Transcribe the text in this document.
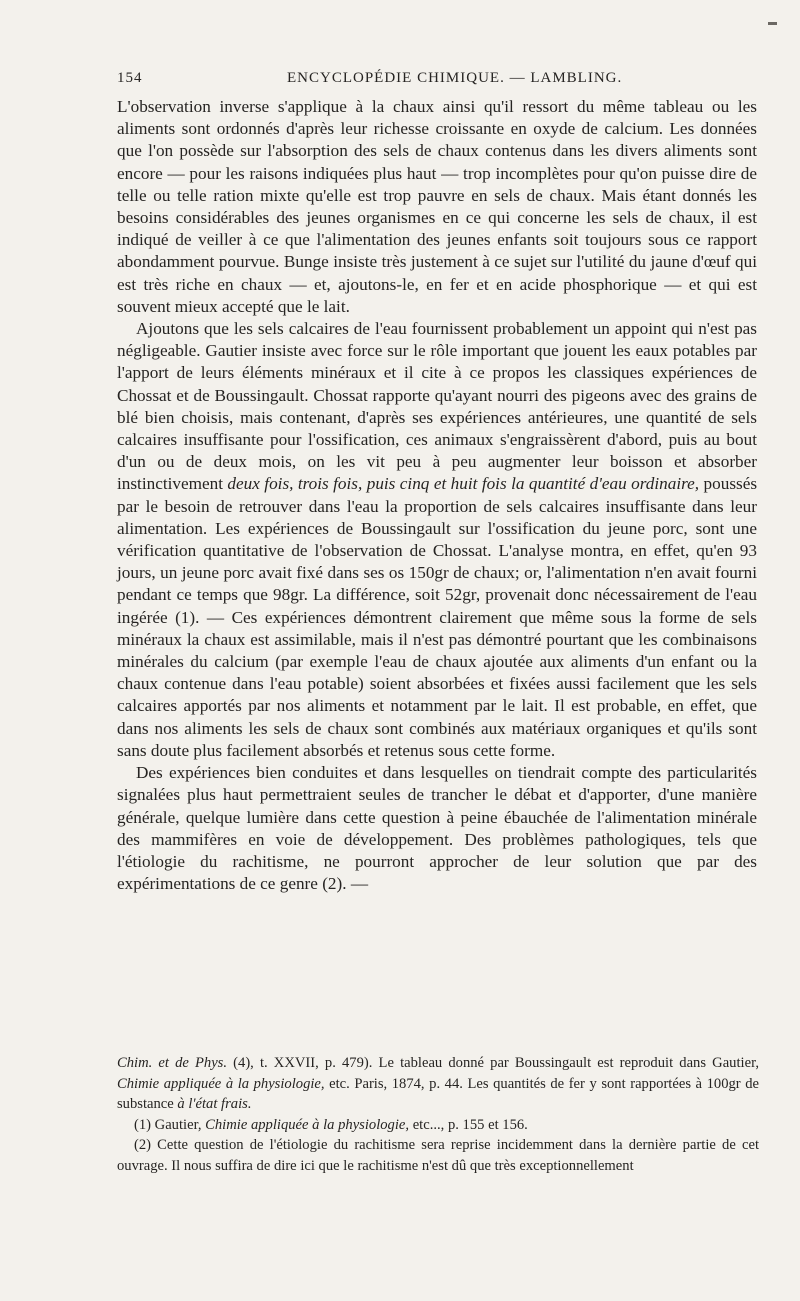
154	ENCYCLOPÉDIE CHIMIQUE. — LAMBLING.

L'observation inverse s'applique à la chaux ainsi qu'il ressort du même tableau ou les aliments sont ordonnés d'après leur richesse croissante en oxyde de calcium. Les données que l'on possède sur l'absorption des sels de chaux contenus dans les divers aliments sont encore — pour les raisons indiquées plus haut — trop incomplètes pour qu'on puisse dire de telle ou telle ration mixte qu'elle est trop pauvre en sels de chaux. Mais étant donnés les besoins considérables des jeunes organismes en ce qui concerne les sels de chaux, il est indiqué de veiller à ce que l'alimentation des jeunes enfants soit toujours sous ce rapport abondamment pourvue. Bunge insiste très justement à ce sujet sur l'utilité du jaune d'œuf qui est très riche en chaux — et, ajoutons-le, en fer et en acide phosphorique — et qui est souvent mieux accepté que le lait.

Ajoutons que les sels calcaires de l'eau fournissent probablement un appoint qui n'est pas négligeable. Gautier insiste avec force sur le rôle important que jouent les eaux potables par l'apport de leurs éléments minéraux et il cite à ce propos les classiques expériences de Chossat et de Boussingault. Chossat rapporte qu'ayant nourri des pigeons avec des grains de blé bien choisis, mais contenant, d'après ses expériences antérieures, une quantité de sels calcaires insuffisante pour l'ossification, ces animaux s'engraissèrent d'abord, puis au bout d'un ou de deux mois, on les vit peu à peu augmenter leur boisson et absorber instinctivement deux fois, trois fois, puis cinq et huit fois la quantité d'eau ordinaire, poussés par le besoin de retrouver dans l'eau la proportion de sels calcaires insuffisante dans leur alimentation. Les expériences de Boussingault sur l'ossification du jeune porc, sont une vérification quantitative de l'observation de Chossat. L'analyse montra, en effet, qu'en 93 jours, un jeune porc avait fixé dans ses os 150gr de chaux; or, l'alimentation n'en avait fourni pendant ce temps que 98gr. La différence, soit 52gr, provenait donc nécessairement de l'eau ingérée (1). — Ces expériences démontrent clairement que même sous la forme de sels minéraux la chaux est assimilable, mais il n'est pas démontré pourtant que les combinaisons minérales du calcium (par exemple l'eau de chaux ajoutée aux aliments d'un enfant ou la chaux contenue dans l'eau potable) soient absorbées et fixées aussi facilement que les sels calcaires apportés par nos aliments et notamment par le lait. Il est probable, en effet, que dans nos aliments les sels de chaux sont combinés aux matériaux organiques et qu'ils sont sans doute plus facilement absorbés et retenus sous cette forme.

Des expériences bien conduites et dans lesquelles on tiendrait compte des particularités signalées plus haut permettraient seules de trancher le débat et d'apporter, d'une manière générale, quelque lumière dans cette question à peine ébauchée de l'alimentation minérale des mammifères en voie de développement. Des problèmes pathologiques, tels que l'étiologie du rachitisme, ne pourront approcher de leur solution que par des expérimentations de ce genre (2). —

Chim. et de Phys. (4), t. XXVII, p. 479). Le tableau donné par Boussingault est reproduit dans Gautier, Chimie appliquée à la physiologie, etc. Paris, 1874, p. 44. Les quantités de fer y sont rapportées à 100gr de substance à l'état frais.

(1) Gautier, Chimie appliquée à la physiologie, etc..., p. 155 et 156.

(2) Cette question de l'étiologie du rachitisme sera reprise incidemment dans la dernière partie de cet ouvrage. Il nous suffira de dire ici que le rachitisme n'est dû que très exceptionnellement
